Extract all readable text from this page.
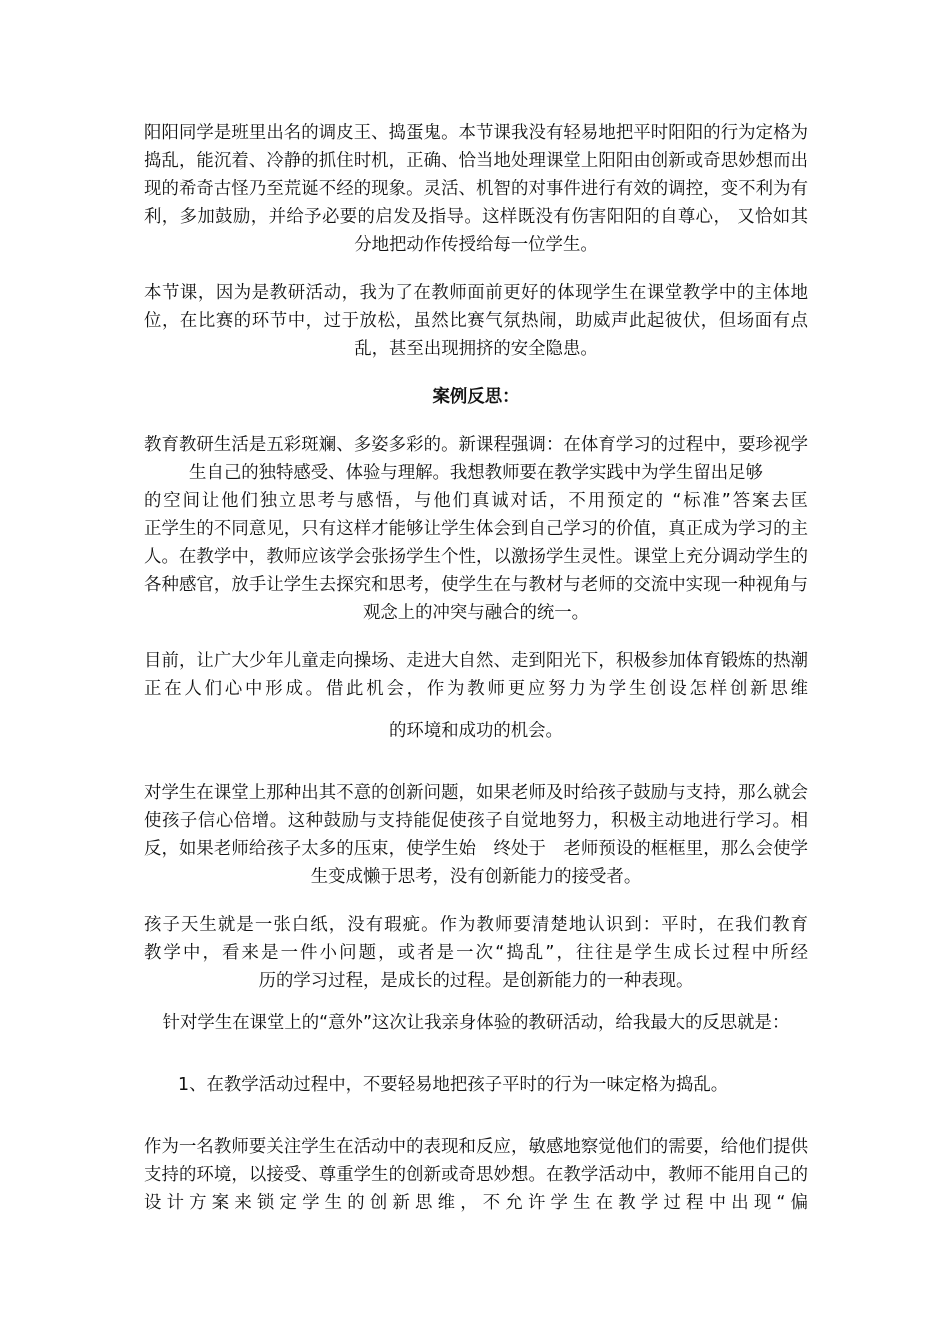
阳阳同学是班里出名的调皮王、捣蛋鬼。本节课我没有轻易地把平时阳阳的行为定格为捣乱，能沉着、冷静的抓住时机，正确、恰当地处理课堂上阳阳由创新或奇思妙想而出现的希奇古怪乃至荒诞不经的现象。灵活、机智的对事件进行有效的调控，变不利为有利，多加鼓励，并给予必要的启发及指导。这样既没有伤害阳阳的自尊心， 又恰如其分地把动作传授给每一位学生。

本节课，因为是教研活动，我为了在教师面前更好的体现学生在课堂教学中的主体地位，在比赛的环节中，过于放松，虽然比赛气氛热闹，助威声此起彼伏，但场面有点乱，甚至出现拥挤的安全隐患。

案例反思：

教育教研生活是五彩斑斓、多姿多彩的。新课程强调：在体育学习的过程中，要珍视学生自己的独特感受、体验与理解。我想教师要在教学实践中为学生留出足够

的空间让他们独立思考与感悟，与他们真诚对话，不用预定的 “标准”答案去匡

正学生的不同意见，只有这样才能够让学生体会到自己学习的价值，真正成为学习的主人。在教学中，教师应该学会张扬学生个性，以激扬学生灵性。课堂上充分调动学生的各种感官，放手让学生去探究和思考，使学生在与教材与老师的交流中实现一种视角与观念上的冲突与融合的统一。

目前，让广大少年儿童走向操场、走进大自然、走到阳光下，积极参加体育锻炼的热潮正在人们心中形成。借此机会，作为教师更应努力为学生创设怎样创新思维

的环境和成功的机会。

对学生在课堂上那种出其不意的创新问题，如果老师及时给孩子鼓励与支持，那么就会使孩子信心倍增。这种鼓励与支持能促使孩子自觉地努力，积极主动地进行学习。相反，如果老师给孩子太多的压束，使学生始　终处于　老师预设的框框里，那么会使学生变成懒于思考，没有创新能力的接受者。

孩子天生就是一张白纸，没有瑕疵。作为教师要清楚地认识到：平时，在我们教育

教学中，看来是一件小问题，或者是一次“捣乱”，往往是学生成长过程中所经

历的学习过程，是成长的过程。是创新能力的一种表现。

针对学生在课堂上的“意外”这次让我亲身体验的教研活动，给我最大的反思就是：

1、在教学活动过程中，不要轻易地把孩子平时的行为一味定格为捣乱。

作为一名教师要关注学生在活动中的表现和反应，敏感地察觉他们的需要，给他们提供支持的环境，以接受、尊重学生的创新或奇思妙想。在教学活动中，教师不能用自己的设计方案来锁定学生的创新思维，不允许学生在教学过程中出现“偏
